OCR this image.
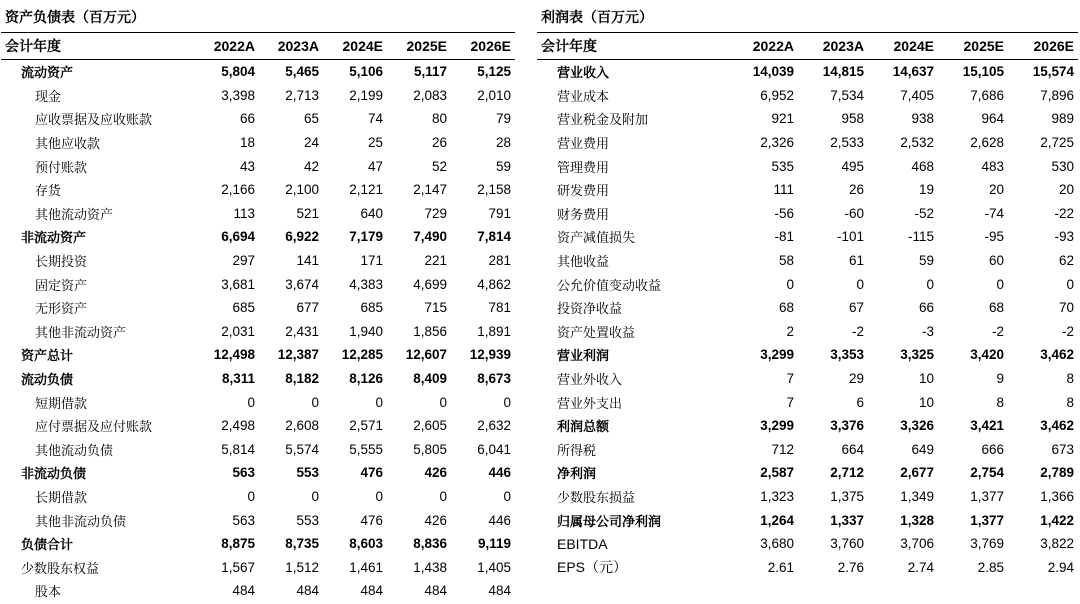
资产负债表（百万元）
会计年度	2022A	2023A	2024E	2025E	2026E
流动资产	5,804	5,465	5,106	5,117	5,125
现金	3,398	2,713	2,199	2,083	2,010
应收票据及应收账款	66	65	74	80	79
其他应收款	18	24	25	26	28
预付账款	43	42	47	52	59
存货	2,166	2,100	2,121	2,147	2,158
其他流动资产	113	521	640	729	791
非流动资产	6,694	6,922	7,179	7,490	7,814
长期投资	297	141	171	221	281
固定资产	3,681	3,674	4,383	4,699	4,862
无形资产	685	677	685	715	781
其他非流动资产	2,031	2,431	1,940	1,856	1,891
资产总计	12,498	12,387	12,285	12,607	12,939
流动负债	8,311	8,182	8,126	8,409	8,673
短期借款	0	0	0	0	0
应付票据及应付账款	2,498	2,608	2,571	2,605	2,632
其他流动负债	5,814	5,574	5,555	5,805	6,041
非流动负债	563	553	476	426	446
长期借款	0	0	0	0	0
其他非流动负债	563	553	476	426	446
负债合计	8,875	8,735	8,603	8,836	9,119
少数股东权益	1,567	1,512	1,461	1,438	1,405
股本	484	484	484	484	484
利润表（百万元）
会计年度	2022A	2023A	2024E	2025E	2026E
营业收入	14,039	14,815	14,637	15,105	15,574
营业成本	6,952	7,534	7,405	7,686	7,896
营业税金及附加	921	958	938	964	989
营业费用	2,326	2,533	2,532	2,628	2,725
管理费用	535	495	468	483	530
研发费用	111	26	19	20	20
财务费用	-56	-60	-52	-74	-22
资产减值损失	-81	-101	-115	-95	-93
其他收益	58	61	59	60	62
公允价值变动收益	0	0	0	0	0
投资净收益	68	67	66	68	70
资产处置收益	2	-2	-3	-2	-2
营业利润	3,299	3,353	3,325	3,420	3,462
营业外收入	7	29	10	9	8
营业外支出	7	6	10	8	8
利润总额	3,299	3,376	3,326	3,421	3,462
所得税	712	664	649	666	673
净利润	2,587	2,712	2,677	2,754	2,789
少数股东损益	1,323	1,375	1,349	1,377	1,366
归属母公司净利润	1,264	1,337	1,328	1,377	1,422
EBITDA	3,680	3,760	3,706	3,769	3,822
EPS（元）	2.61	2.76	2.74	2.85	2.94
